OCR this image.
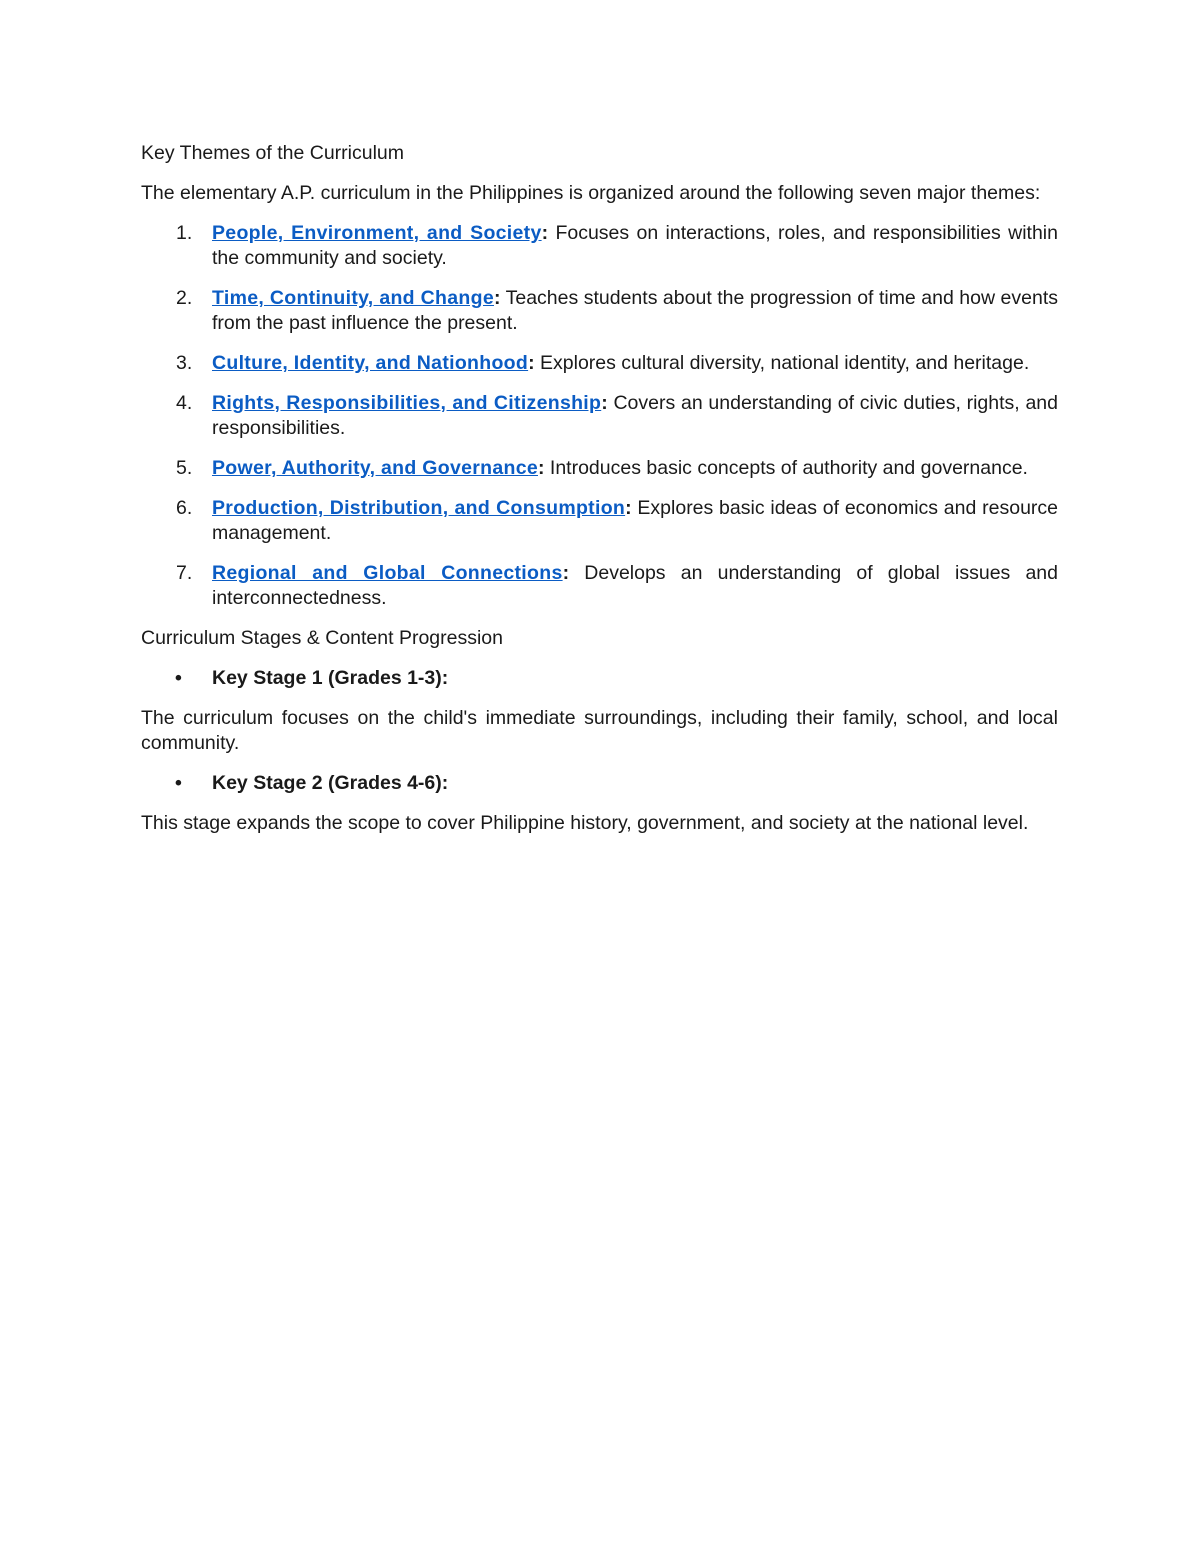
Key Themes of the Curriculum

The elementary A.P. curriculum in the Philippines is organized around the following seven major themes:

1. People, Environment, and Society: Focuses on interactions, roles, and responsibilities within the community and society.
2. Time, Continuity, and Change: Teaches students about the progression of time and how events from the past influence the present.
3. Culture, Identity, and Nationhood: Explores cultural diversity, national identity, and heritage.
4. Rights, Responsibilities, and Citizenship: Covers an understanding of civic duties, rights, and responsibilities.
5. Power, Authority, and Governance: Introduces basic concepts of authority and governance.
6. Production, Distribution, and Consumption: Explores basic ideas of economics and resource management.
7. Regional and Global Connections: Develops an understanding of global issues and interconnectedness.

Curriculum Stages & Content Progression

• Key Stage 1 (Grades 1-3):

The curriculum focuses on the child's immediate surroundings, including their family, school, and local community.

• Key Stage 2 (Grades 4-6):

This stage expands the scope to cover Philippine history, government, and society at the national level.
